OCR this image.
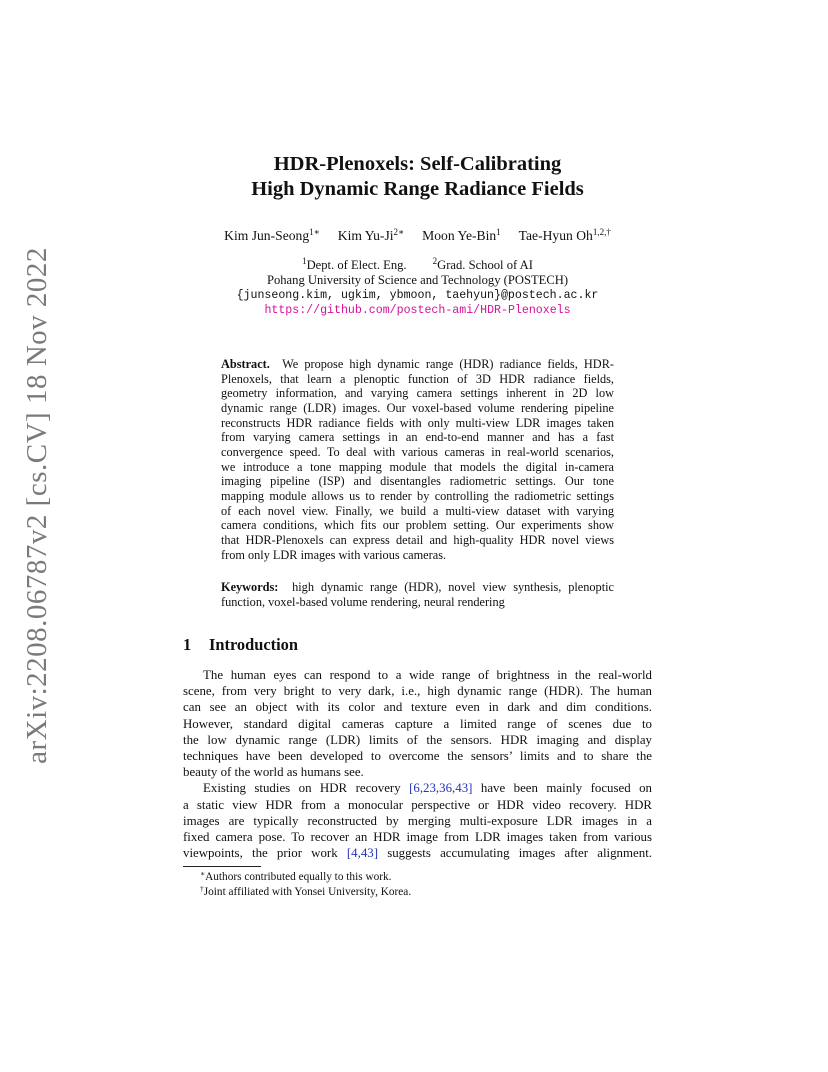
arXiv:2208.06787v2 [cs.CV] 18 Nov 2022
HDR-Plenoxels: Self-Calibrating
High Dynamic Range Radiance Fields
Kim Jun-Seong$^{1∗}$ Kim $Yu-Ji^{2∗}$ Moon Ye-Bin$^1$ Tae-Hyun $Oh^{1,2,\dagger}$
$^1$Dept. of Elect. Eng.	$^2$Grad. School of AI
Pohang University of Science and Technology (POSTECH)
{junseong.kim, ugkim, ybmoon, taehyun}@postech.ac.kr
https://github.com/postech-ami/HDR-Plenoxels
Abstract. We propose high dynamic range (HDR) radiance fields, HDR-
Plenoxels, that learn a plenoptic function of 3D HDR radiance fields,
geometry information, and varying camera settings inherent in 2D low
dynamic range (LDR) images. Our voxel-based volume rendering pipeline
reconstructs HDR radiance fields with only multi-view LDR images taken
from varying camera settings in an end-to-end manner and has a fast
convergence speed. To deal with various cameras in real-world scenarios,
we introduce a tone mapping module that models the digital in-camera
imaging pipeline (ISP) and disentangles radiometric settings. Our tone
mapping module allows us to render by controlling the radiometric settings
of each novel view. Finally, we build a multi-view dataset with varying
camera conditions, which fits our problem setting. Our experiments show
that HDR-Plenoxels can express detail and high-quality HDR novel views
from only LDR images with various cameras.
Keywords: high dynamic range (HDR), novel view synthesis, plenoptic
function, voxel-based volume rendering, neural rendering
1 Introduction
The human eyes can respond to a wide range of brightness in the real-world
scene, from very bright to very dark, i.e., high dynamic range (HDR). The human
can see an object with its color and texture even in dark and dim conditions.
However, standard digital cameras capture a limited range of scenes due to
the low dynamic range (LDR) limits of the sensors. HDR imaging and display
techniques have been developed to overcome the sensors’ limits and to share the
beauty of the world as humans see.
Existing studies on HDR recovery [6,23,36,43] have been mainly focused on
a static view HDR from a monocular perspective or HDR video recovery. HDR
images are typically reconstructed by merging multi-exposure LDR images in a
fixed camera pose. To recover an HDR image from LDR images taken from various
viewpoints, the prior work [4,43] suggests accumulating images after alignment.
∗Authors contributed equally to this work.
†Joint affiliated with Yonsei University, Korea.
